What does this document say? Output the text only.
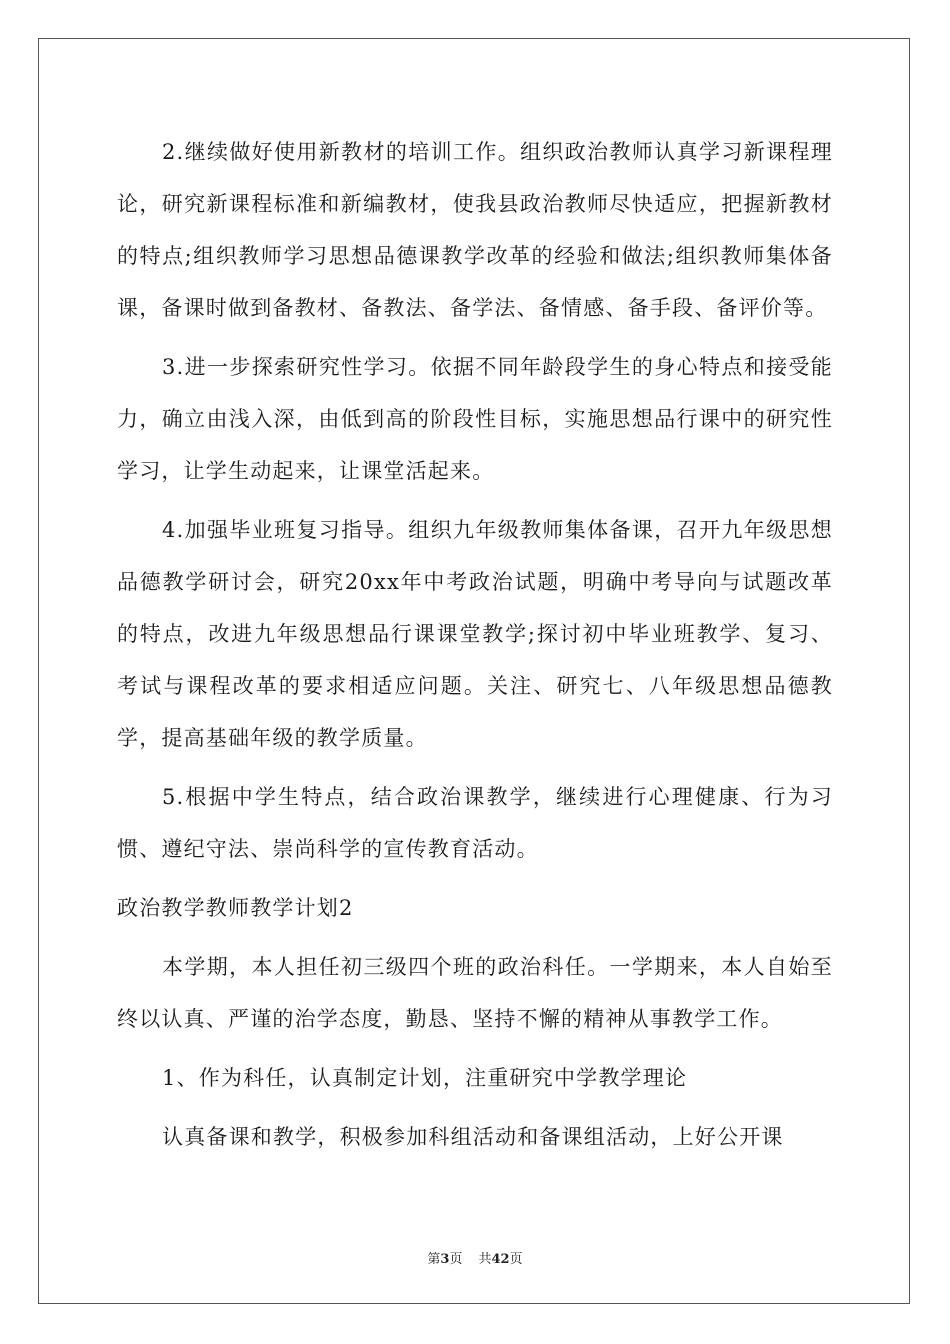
2.继续做好使用新教材的培训工作。组织政治教师认真学习新课程理论，研究新课程标准和新编教材，使我县政治教师尽快适应，把握新教材的特点;组织教师学习思想品德课教学改革的经验和做法;组织教师集体备课，备课时做到备教材、备教法、备学法、备情感、备手段、备评价等。

3.进一步探索研究性学习。依据不同年龄段学生的身心特点和接受能力，确立由浅入深，由低到高的阶段性目标，实施思想品行课中的研究性学习，让学生动起来，让课堂活起来。

4.加强毕业班复习指导。组织九年级教师集体备课，召开九年级思想品德教学研讨会，研究20xx年中考政治试题，明确中考导向与试题改革的特点，改进九年级思想品行课课堂教学;探讨初中毕业班教学、复习、考试与课程改革的要求相适应问题。关注、研究七、八年级思想品德教学，提高基础年级的教学质量。

5.根据中学生特点，结合政治课教学，继续进行心理健康、行为习惯、遵纪守法、崇尚科学的宣传教育活动。

政治教学教师教学计划2

本学期，本人担任初三级四个班的政治科任。一学期来，本人自始至终以认真、严谨的治学态度，勤恳、坚持不懈的精神从事教学工作。

1、作为科任，认真制定计划，注重研究中学教学理论

认真备课和教学，积极参加科组活动和备课组活动，上好公开课

第3页 共42页
